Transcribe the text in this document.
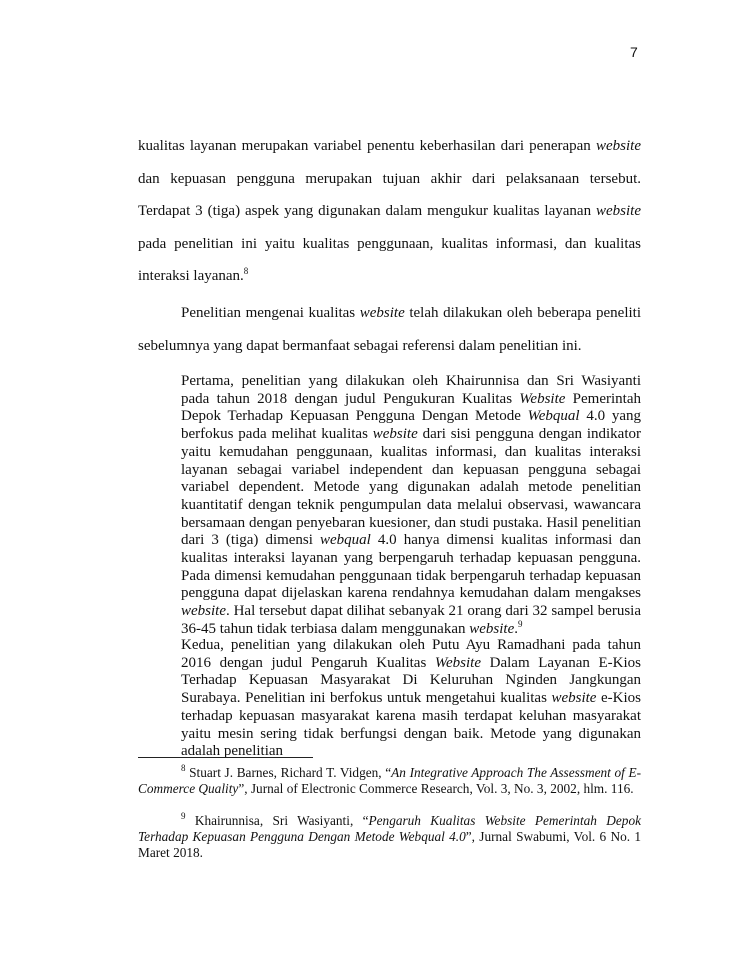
7

kualitas layanan merupakan variabel penentu keberhasilan dari penerapan website dan kepuasan pengguna merupakan tujuan akhir dari pelaksanaan tersebut. Terdapat 3 (tiga) aspek yang digunakan dalam mengukur kualitas layanan website pada penelitian ini yaitu kualitas penggunaan, kualitas informasi, dan kualitas interaksi layanan.$^8$

Penelitian mengenai kualitas website telah dilakukan oleh beberapa peneliti sebelumnya yang dapat bermanfaat sebagai referensi dalam penelitian ini.

Pertama, penelitian yang dilakukan oleh Khairunnisa dan Sri Wasiyanti pada tahun 2018 dengan judul Pengukuran Kualitas Website Pemerintah Depok Terhadap Kepuasan Pengguna Dengan Metode Webqual 4.0 yang berfokus pada melihat kualitas website dari sisi pengguna dengan indikator yaitu kemudahan penggunaan, kualitas informasi, dan kualitas interaksi layanan sebagai variabel independent dan kepuasan pengguna sebagai variabel dependent. Metode yang digunakan adalah metode penelitian kuantitatif dengan teknik pengumpulan data melalui observasi, wawancara bersamaan dengan penyebaran kuesioner, dan studi pustaka. Hasil penelitian dari 3 (tiga) dimensi webqual 4.0 hanya dimensi kualitas informasi dan kualitas interaksi layanan yang berpengaruh terhadap kepuasan pengguna. Pada dimensi kemudahan penggunaan tidak berpengaruh terhadap kepuasan pengguna dapat dijelaskan karena rendahnya kemudahan dalam mengakses website. Hal tersebut dapat dilihat sebanyak 21 orang dari 32 sampel berusia 36-45 tahun tidak terbiasa dalam menggunakan website.$^9$

Kedua, penelitian yang dilakukan oleh Putu Ayu Ramadhani pada tahun 2016 dengan judul Pengaruh Kualitas Website Dalam Layanan E-Kios Terhadap Kepuasan Masyarakat Di Keluruhan Nginden Jangkungan Surabaya. Penelitian ini berfokus untuk mengetahui kualitas website e-Kios terhadap kepuasan masyarakat karena masih terdapat keluhan masyarakat yaitu mesin sering tidak berfungsi dengan baik. Metode yang digunakan adalah penelitian

$^8$ Stuart J. Barnes, Richard T. Vidgen, “An Integrative Approach The Assessment of E-Commerce Quality”, Jurnal of Electronic Commerce Research, Vol. 3, No. 3, 2002, hlm. 116.

$^9$ Khairunnisa, Sri Wasiyanti, “Pengaruh Kualitas Website Pemerintah Depok Terhadap Kepuasan Pengguna Dengan Metode Webqual 4.0”, Jurnal Swabumi, Vol. 6 No. 1 Maret 2018.
